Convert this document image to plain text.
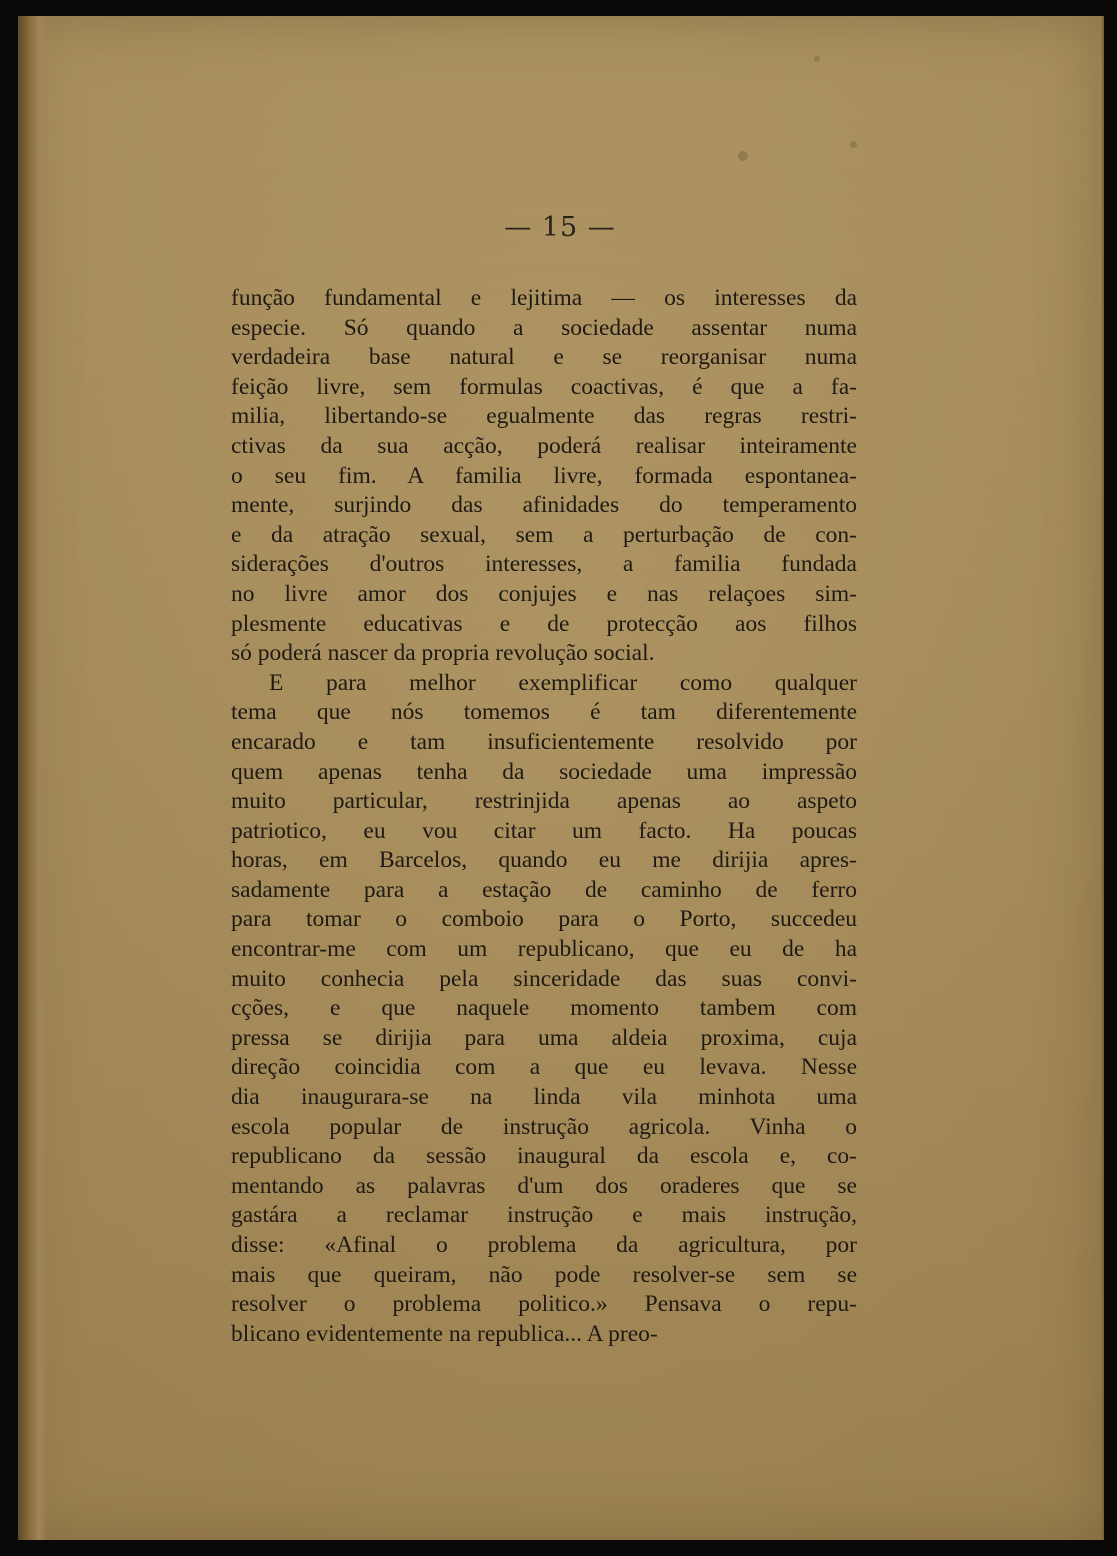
— 15 —
função fundamental e lejitima — os interesses da
especie. Só quando a sociedade assentar numa
verdadeira base natural e se reorganisar numa
feição livre, sem formulas coactivas, é que a fa-
milia, libertando-se egualmente das regras restri-
ctivas da sua acção, poderá realisar inteiramente
o seu fim. A familia livre, formada espontanea-
mente, surjindo das afinidades do temperamento
e da atração sexual, sem a perturbação de con-
siderações d'outros interesses, a familia fundada
no livre amor dos conjujes e nas relaçoes sim-
plesmente educativas e de protecção aos filhos
só poderá nascer da propria revolução social.
E para melhor exemplificar como qualquer
tema que nós tomemos é tam diferentemente
encarado e tam insuficientemente resolvido por
quem apenas tenha da sociedade uma impressão
muito particular, restrinjida apenas ao aspeto
patriotico, eu vou citar um facto. Ha poucas
horas, em Barcelos, quando eu me dirijia apres-
sadamente para a estação de caminho de ferro
para tomar o comboio para o Porto, succedeu
encontrar-me com um republicano, que eu de ha
muito conhecia pela sinceridade das suas convi-
cções, e que naquele momento tambem com
pressa se dirijia para uma aldeia proxima, cuja
direção coincidia com a que eu levava. Nesse
dia inaugurara-se na linda vila minhota uma
escola popular de instrução agricola. Vinha o
republicano da sessão inaugural da escola e, co-
mentando as palavras d'um dos oraderes que se
gastára a reclamar instrução e mais instrução,
disse: «Afinal o problema da agricultura, por
mais que queiram, não pode resolver-se sem se
resolver o problema politico.» Pensava o repu-
blicano evidentemente na republica... A preo-
